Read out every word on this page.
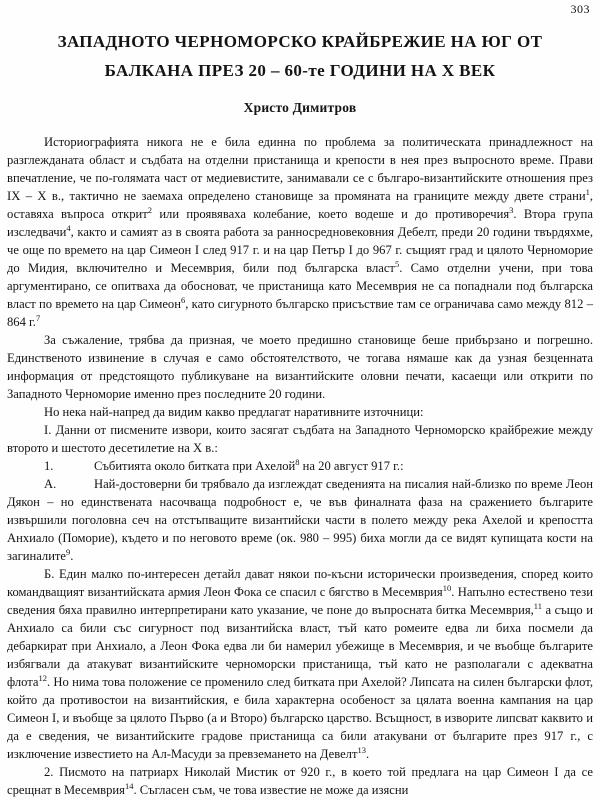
303
ЗАПАДНОТО ЧЕРНОМОРСКО КРАЙБРЕЖИЕ НА ЮГ ОТ
БАЛКАНА ПРЕЗ 20 – 60-те ГОДИНИ НА X ВЕК
Христо Димитров

Историографията никога не е била единна по проблема за политическата принадлежност на разглежданата област и съдбата на отделни пристанища и крепости в нея през въпросното време. Прави впечатление, че по-голямата част от медиевистите, занимавали се с българо-византийските отношения през IX – X в., тактично не заемаха определено становище за промяната на границите между двете страни$^1$, оставяха въпроса открит$^2$ или проявяваха колебание, което водеше и до противоречия$^3$. Втора група изследвачи$^4$, както и самият аз в своята работа за ранносредновековния Дебелт, преди 20 години твърдяхме, че още по времето на цар Симеон I след 917 г. и на цар Петър I до 967 г. същият град и цялото Черноморие до Мидия, включително и Месемврия, били под българска власт$^5$. Само отделни учени, при това аргументирано, се опитваха да обосноват, че пристанища като Месемврия не са попаднали под българска власт по времето на цар Симеон$^6$, като сигурното българско присъствие там се ограничава само между 812 – 864 г.$^7$

За съжаление, трябва да призная, че моето предишно становище беше прибързано и погрешно. Единственото извинение в случая е само обстоятелството, че тогава нямаше как да узная безценната информация от предстоящото публикуване на византийските оловни печати, касаещи или открити по Западното Черноморие именно през последните 20 години.

Но нека най-напред да видим какво предлагат наративните източници:

I. Данни от писмените извори, които засягат съдбата на Западното Черноморско крайбрежие между второто и шестото десетилетие на X в.:

1.	Събитията около битката при Ахелой$^8$ на 20 август 917 г.:

А.	Най-достоверни би трябвало да изглеждат сведенията на писалия най-близко по време Леон Дякон – но единствената насочваща подробност е, че във финалната фаза на сражението българите извършили поголовна сеч на отстъпващите византийски части в полето между река Ахелой и крепостта Анхиало (Поморие), където и по неговото време (ок. 980 – 995) биха могли да се видят купищата кости на загиналите$^9$.

Б. Един малко по-интересен детайл дават някои по-късни исторически произведения, според които командващият византийската армия Леон Фока се спасил с бягство в Месемврия$^{10}$. Напълно естествено тези сведения бяха правилно интерпретирани като указание, че поне до въпросната битка Месемврия,$^{11}$ а също и Анхиало са били със сигурност под византийска власт, тъй като ромеите едва ли биха посмели да дебаркират при Анхиало, а Леон Фока едва ли би намерил убежище в Месемврия, и че въобще българите избягвали да атакуват византийските черноморски пристанища, тъй като не разполагали с адекватна флота$^{12}$. Но нима това положение се променило след битката при Ахелой? Липсата на силен български флот, който да противостои на византийския, е била характерна особеност за цялата военна кампания на цар Симеон I, и въобще за цялото Първо (а и Второ) българско царство. Всъщност, в изворите липсват каквито и да е сведения, че византийските градове пристанища са били атакувани от българите през 917 г., с изключение известието на Ал-Масуди за превземането на Девелт$^{13}$.

2. Писмото на патриарх Николай Мистик от 920 г., в което той предлага на цар Симеон I да се срещнат в Месемврия$^{14}$. Съгласен съм, че това известие не може да изясни
